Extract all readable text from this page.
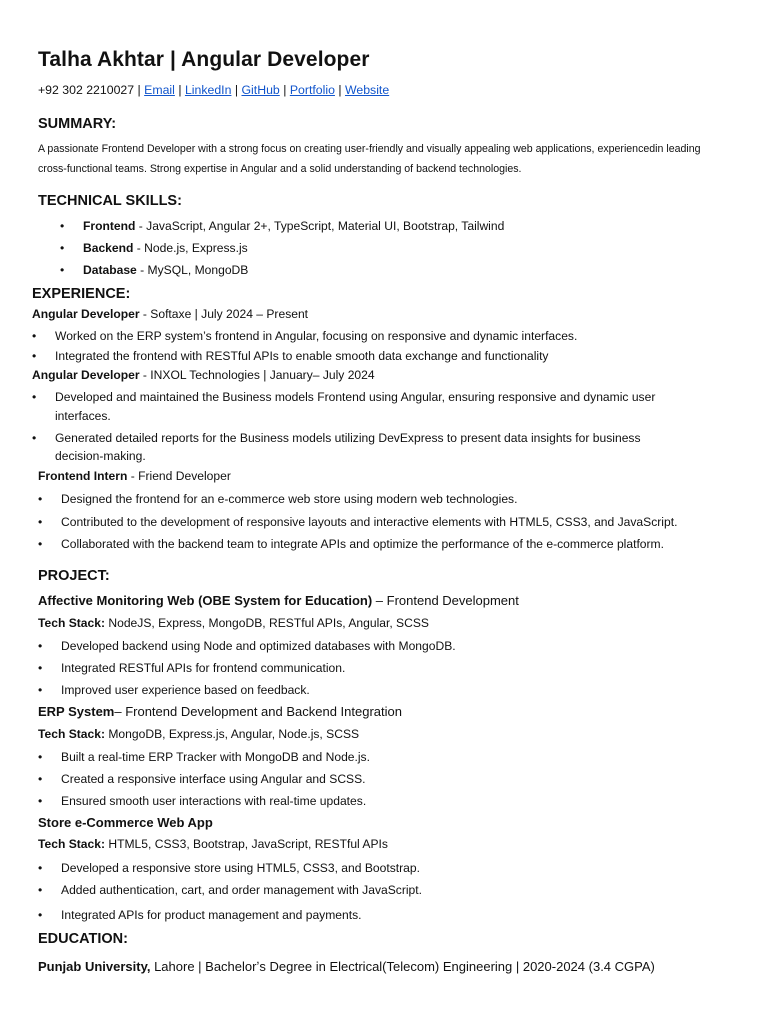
Talha Akhtar | Angular Developer
+92 302 2210027 | Email | LinkedIn | GitHub | Portfolio | Website
SUMMARY:
A passionate Frontend Developer with a strong focus on creating user-friendly and visually appealing web applications, experiencedin leading cross-functional teams. Strong expertise in Angular and a solid understanding of backend technologies.
TECHNICAL SKILLS:
• Frontend - JavaScript, Angular 2+, TypeScript, Material UI, Bootstrap, Tailwind
• Backend - Node.js, Express.js
• Database - MySQL, MongoDB
EXPERIENCE:
Angular Developer - Softaxe | July 2024 – Present
• Worked on the ERP system’s frontend in Angular, focusing on responsive and dynamic interfaces.
• Integrated the frontend with RESTful APIs to enable smooth data exchange and functionality
Angular Developer - INXOL Technologies | January– July 2024
• Developed and maintained the Business models Frontend using Angular, ensuring responsive and dynamic user
interfaces.
• Generated detailed reports for the Business models utilizing DevExpress to present data insights for business
decision-making.
Frontend Intern - Friend Developer
• Designed the frontend for an e-commerce web store using modern web technologies.
• Contributed to the development of responsive layouts and interactive elements with HTML5, CSS3, and JavaScript.
• Collaborated with the backend team to integrate APIs and optimize the performance of the e-commerce platform.
PROJECT:
Affective Monitoring Web (OBE System for Education) – Frontend Development
Tech Stack: NodeJS, Express, MongoDB, RESTful APIs, Angular, SCSS
• Developed backend using Node and optimized databases with MongoDB.
• Integrated RESTful APIs for frontend communication.
• Improved user experience based on feedback.
ERP System– Frontend Development and Backend Integration
Tech Stack: MongoDB, Express.js, Angular, Node.js, SCSS
• Built a real-time ERP Tracker with MongoDB and Node.js.
• Created a responsive interface using Angular and SCSS.
• Ensured smooth user interactions with real-time updates.
Store e-Commerce Web App
Tech Stack: HTML5, CSS3, Bootstrap, JavaScript, RESTful APIs
• Developed a responsive store using HTML5, CSS3, and Bootstrap.
• Added authentication, cart, and order management with JavaScript.
• Integrated APIs for product management and payments.
EDUCATION:
Punjab University, Lahore | Bachelorʼs Degree in Electrical(Telecom) Engineering | 2020-2024 (3.4 CGPA)
